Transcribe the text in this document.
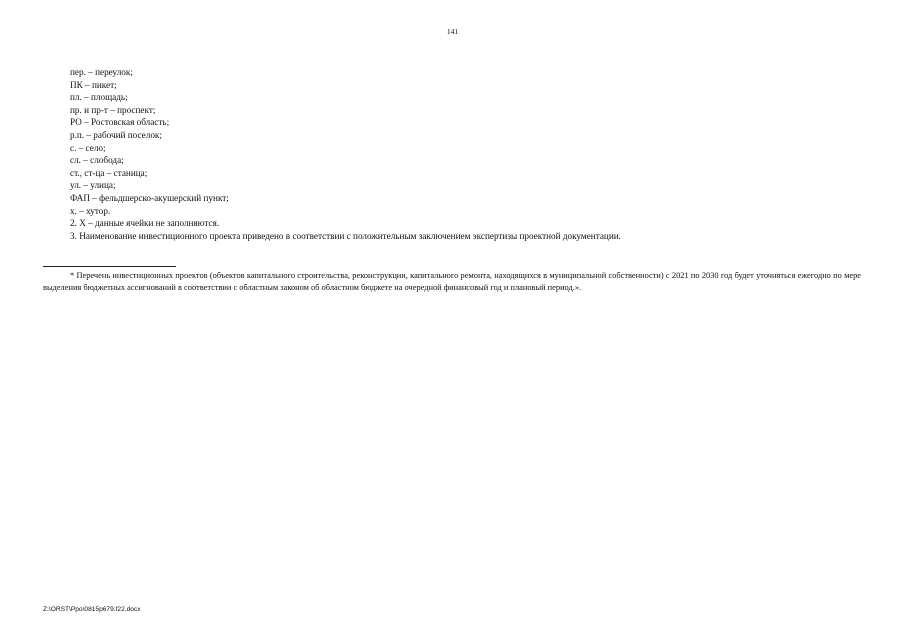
141
пер. – переулок;
ПК – пикет;
пл. – площадь;
пр. и пр-т – проспект;
РО – Ростовская область;
р.п. – рабочий поселок;
с. – село;
сл. – слобода;
ст., ст-ца – станица;
ул. – улица;
ФАП – фельдшерско-акушерский пункт;
х. – хутор.
2. Х – данные ячейки не заполняются.
3. Наименование инвестиционного проекта приведено в соответствии с положительным заключением экспертизы проектной документации.
* Перечень инвестиционных проектов (объектов капитального строительства, реконструкции, капитального ремонта, находящихся в муниципальной собственности) с 2021 по 2030 год будет уточняться ежегодно по мере выделения бюджетных ассигнований в соответствии с областным законом об областном бюджете на очередной финансовый год и плановый период.».
Z:\ORST\Ppo\0815p679.f22.docx
